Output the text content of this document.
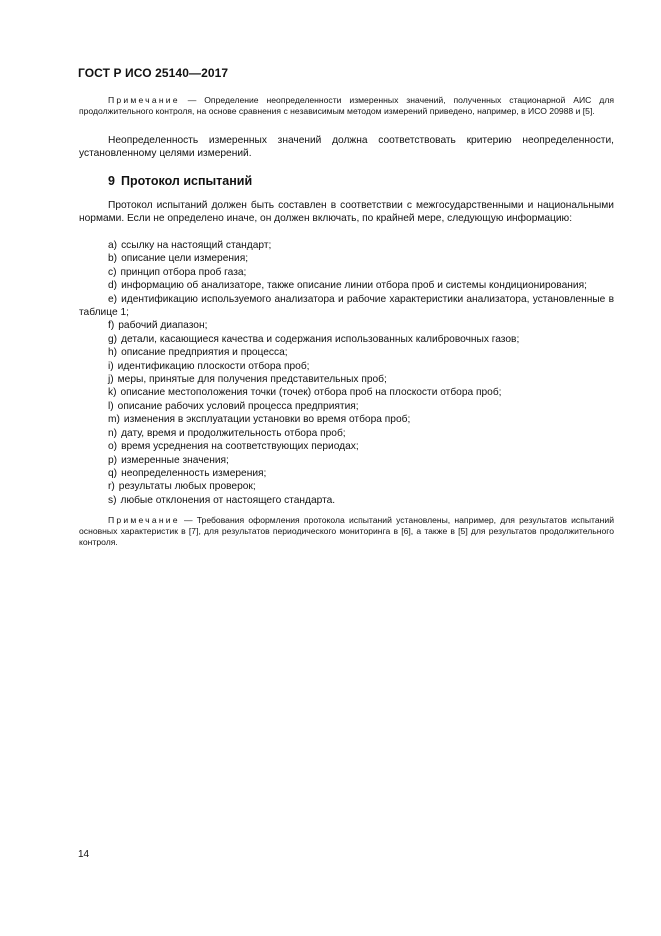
ГОСТ Р ИСО 25140—2017

Примечание — Определение неопределенности измеренных значений, полученных стационарной АИС для продолжительного контроля, на основе сравнения с независимым методом измерений приведено, например, в ИСО 20988 и [5].

Неопределенность измеренных значений должна соответствовать критерию неопределенности, установленному целями измерений.

9 Протокол испытаний

Протокол испытаний должен быть составлен в соответствии с межгосударственными и национальными нормами. Если не определено иначе, он должен включать, по крайней мере, следующую информацию:

a) ссылку на настоящий стандарт;
b) описание цели измерения;
c) принцип отбора проб газа;
d) информацию об анализаторе, также описание линии отбора проб и системы кондиционирования;
e) идентификацию используемого анализатора и рабочие характеристики анализатора, установленные в таблице 1;
f) рабочий диапазон;
g) детали, касающиеся качества и содержания использованных калибровочных газов;
h) описание предприятия и процесса;
i) идентификацию плоскости отбора проб;
j) меры, принятые для получения представительных проб;
k) описание местоположения точки (точек) отбора проб на плоскости отбора проб;
l) описание рабочих условий процесса предприятия;
m) изменения в эксплуатации установки во время отбора проб;
n) дату, время и продолжительность отбора проб;
o) время усреднения на соответствующих периодах;
p) измеренные значения;
q) неопределенность измерения;
r) результаты любых проверок;
s) любые отклонения от настоящего стандарта.

Примечание — Требования оформления протокола испытаний установлены, например, для результатов испытаний основных характеристик в [7], для результатов периодического мониторинга в [6], а также в [5] для результатов продолжительного контроля.

14
